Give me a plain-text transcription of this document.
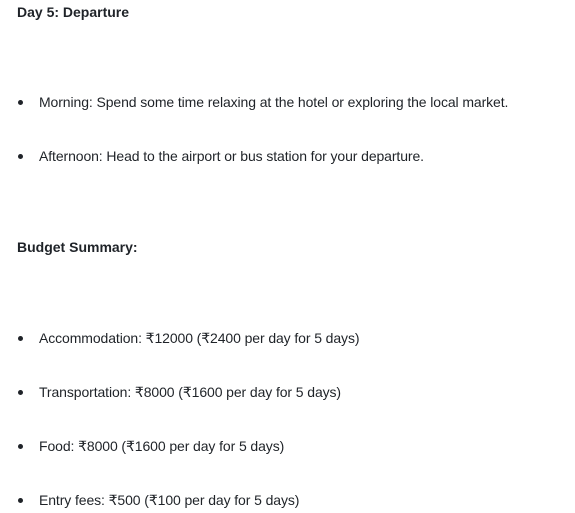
Day 5: Departure
Morning: Spend some time relaxing at the hotel or exploring the local market.
Afternoon: Head to the airport or bus station for your departure.
Budget Summary:
Accommodation: ₹12000 (₹2400 per day for 5 days)
Transportation: ₹8000 (₹1600 per day for 5 days)
Food: ₹8000 (₹1600 per day for 5 days)
Entry fees: ₹500 (₹100 per day for 5 days)
